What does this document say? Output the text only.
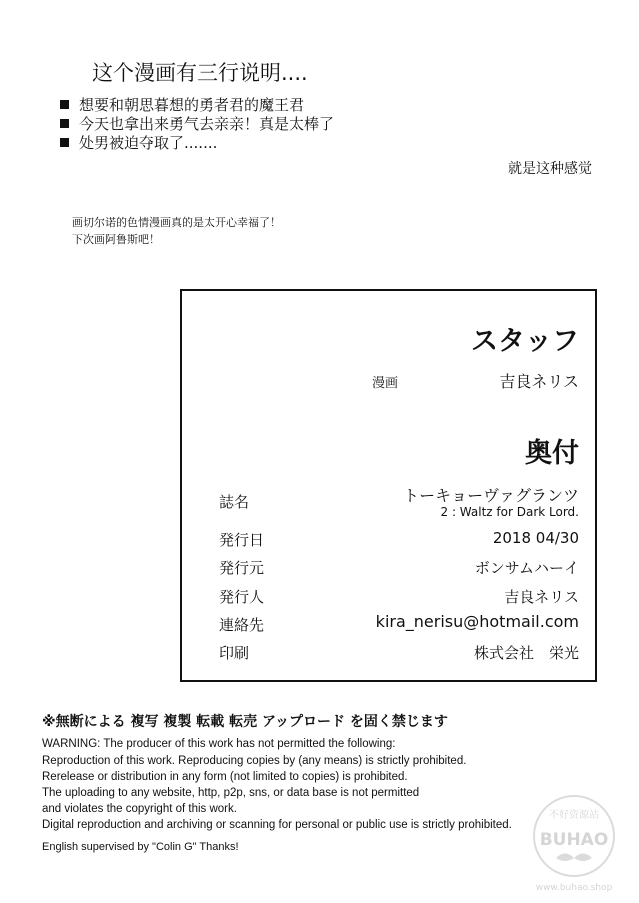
这个漫画有三行说明....
想要和朝思暮想的勇者君的魔王君
今天也拿出来勇气去亲亲！真是太棒了
处男被迫夺取了.......
就是这种感觉
画切尔诺的色情漫画真的是太开心幸福了！
下次画阿鲁斯吧！
スタッフ
漫画	吉良ネリス
奥付
誌名	トーキョーヴァグランツ
2 : Waltz for Dark Lord.
発行日	2018 04/30
発行元	ボンサムハーイ
発行人	吉良ネリス
連絡先	kira_nerisu@hotmail.com
印刷	株式会社　栄光
※無断による 複写 複製 転載 転売 アップロード を固く禁じます
WARNING: The producer of this work has not permitted the following:
Reproduction of this work. Reproducing copies by (any means) is strictly prohibited.
Rerelease or distribution in any form (not limited to copies) is prohibited.
The uploading to any website, http, p2p, sns, or data base is not permitted
and violates the copyright of this work.
Digital reproduction and archiving or scanning for personal or public use is strictly prohibited.
English supervised by "Colin G" Thanks!
不好资源站
BUHAO
www.buhao.shop
